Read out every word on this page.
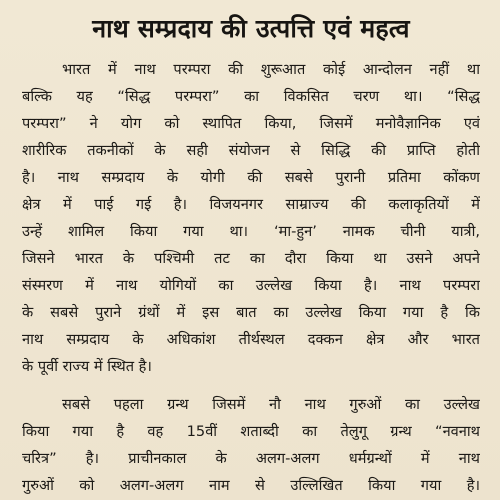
नाथ सम्प्रदाय की उत्पत्ति एवं महत्व
भारत में नाथ परम्परा की शुरूआत कोई आन्दोलन नहीं था
बल्कि यह “सिद्ध परम्परा” का विकसित चरण था। “सिद्ध
परम्परा” ने योग को स्थापित किया, जिसमें मनोवैज्ञानिक एवं
शारीरिक तकनीकों के सही संयोजन से सिद्धि की प्राप्ति होती
है। नाथ सम्प्रदाय के योगी की सबसे पुरानी प्रतिमा कोंकण
क्षेत्र में पाई गई है। विजयनगर साम्राज्य की कलाकृतियों में
उन्हें शामिल किया गया था। ‘मा-हुन’ नामक चीनी यात्री,
जिसने भारत के पश्चिमी तट का दौरा किया था उसने अपने
संस्मरण में नाथ योगियों का उल्लेख किया है। नाथ परम्परा
के सबसे पुराने ग्रंथों में इस बात का उल्लेख किया गया है कि
नाथ सम्प्रदाय के अधिकांश तीर्थस्थल दक्कन क्षेत्र और भारत
के पूर्वी राज्य में स्थित है।
सबसे पहला ग्रन्थ जिसमें नौ नाथ गुरुओं का उल्लेख
किया गया है वह 15वीं शताब्दी का तेलुगू ग्रन्थ “नवनाथ
चरित्र” है। प्राचीनकाल के अलग-अलग धर्मग्रन्थों में नाथ
गुरुओं को अलग-अलग नाम से उल्लिखित किया गया है।
